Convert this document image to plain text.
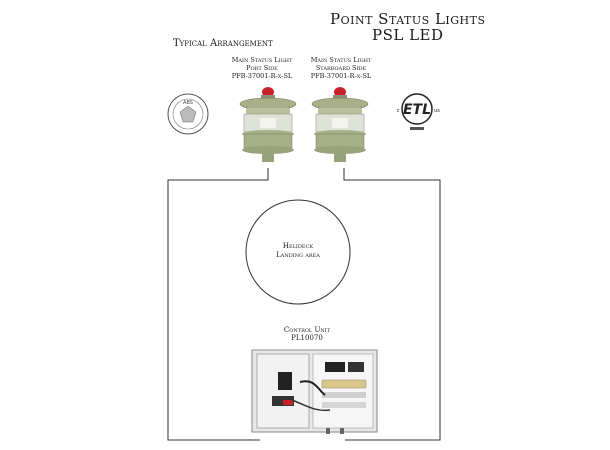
Point Status Lights
PSL LED
Typical Arrangement
Main Status Light
Port Side
PFB-37001-R-x-SL
Main Status Light
Starboard Side
PFB-37001-R-x-SL
ABS	ETL
c	us
Helideck
Landing area
Control Unit
PL10070
